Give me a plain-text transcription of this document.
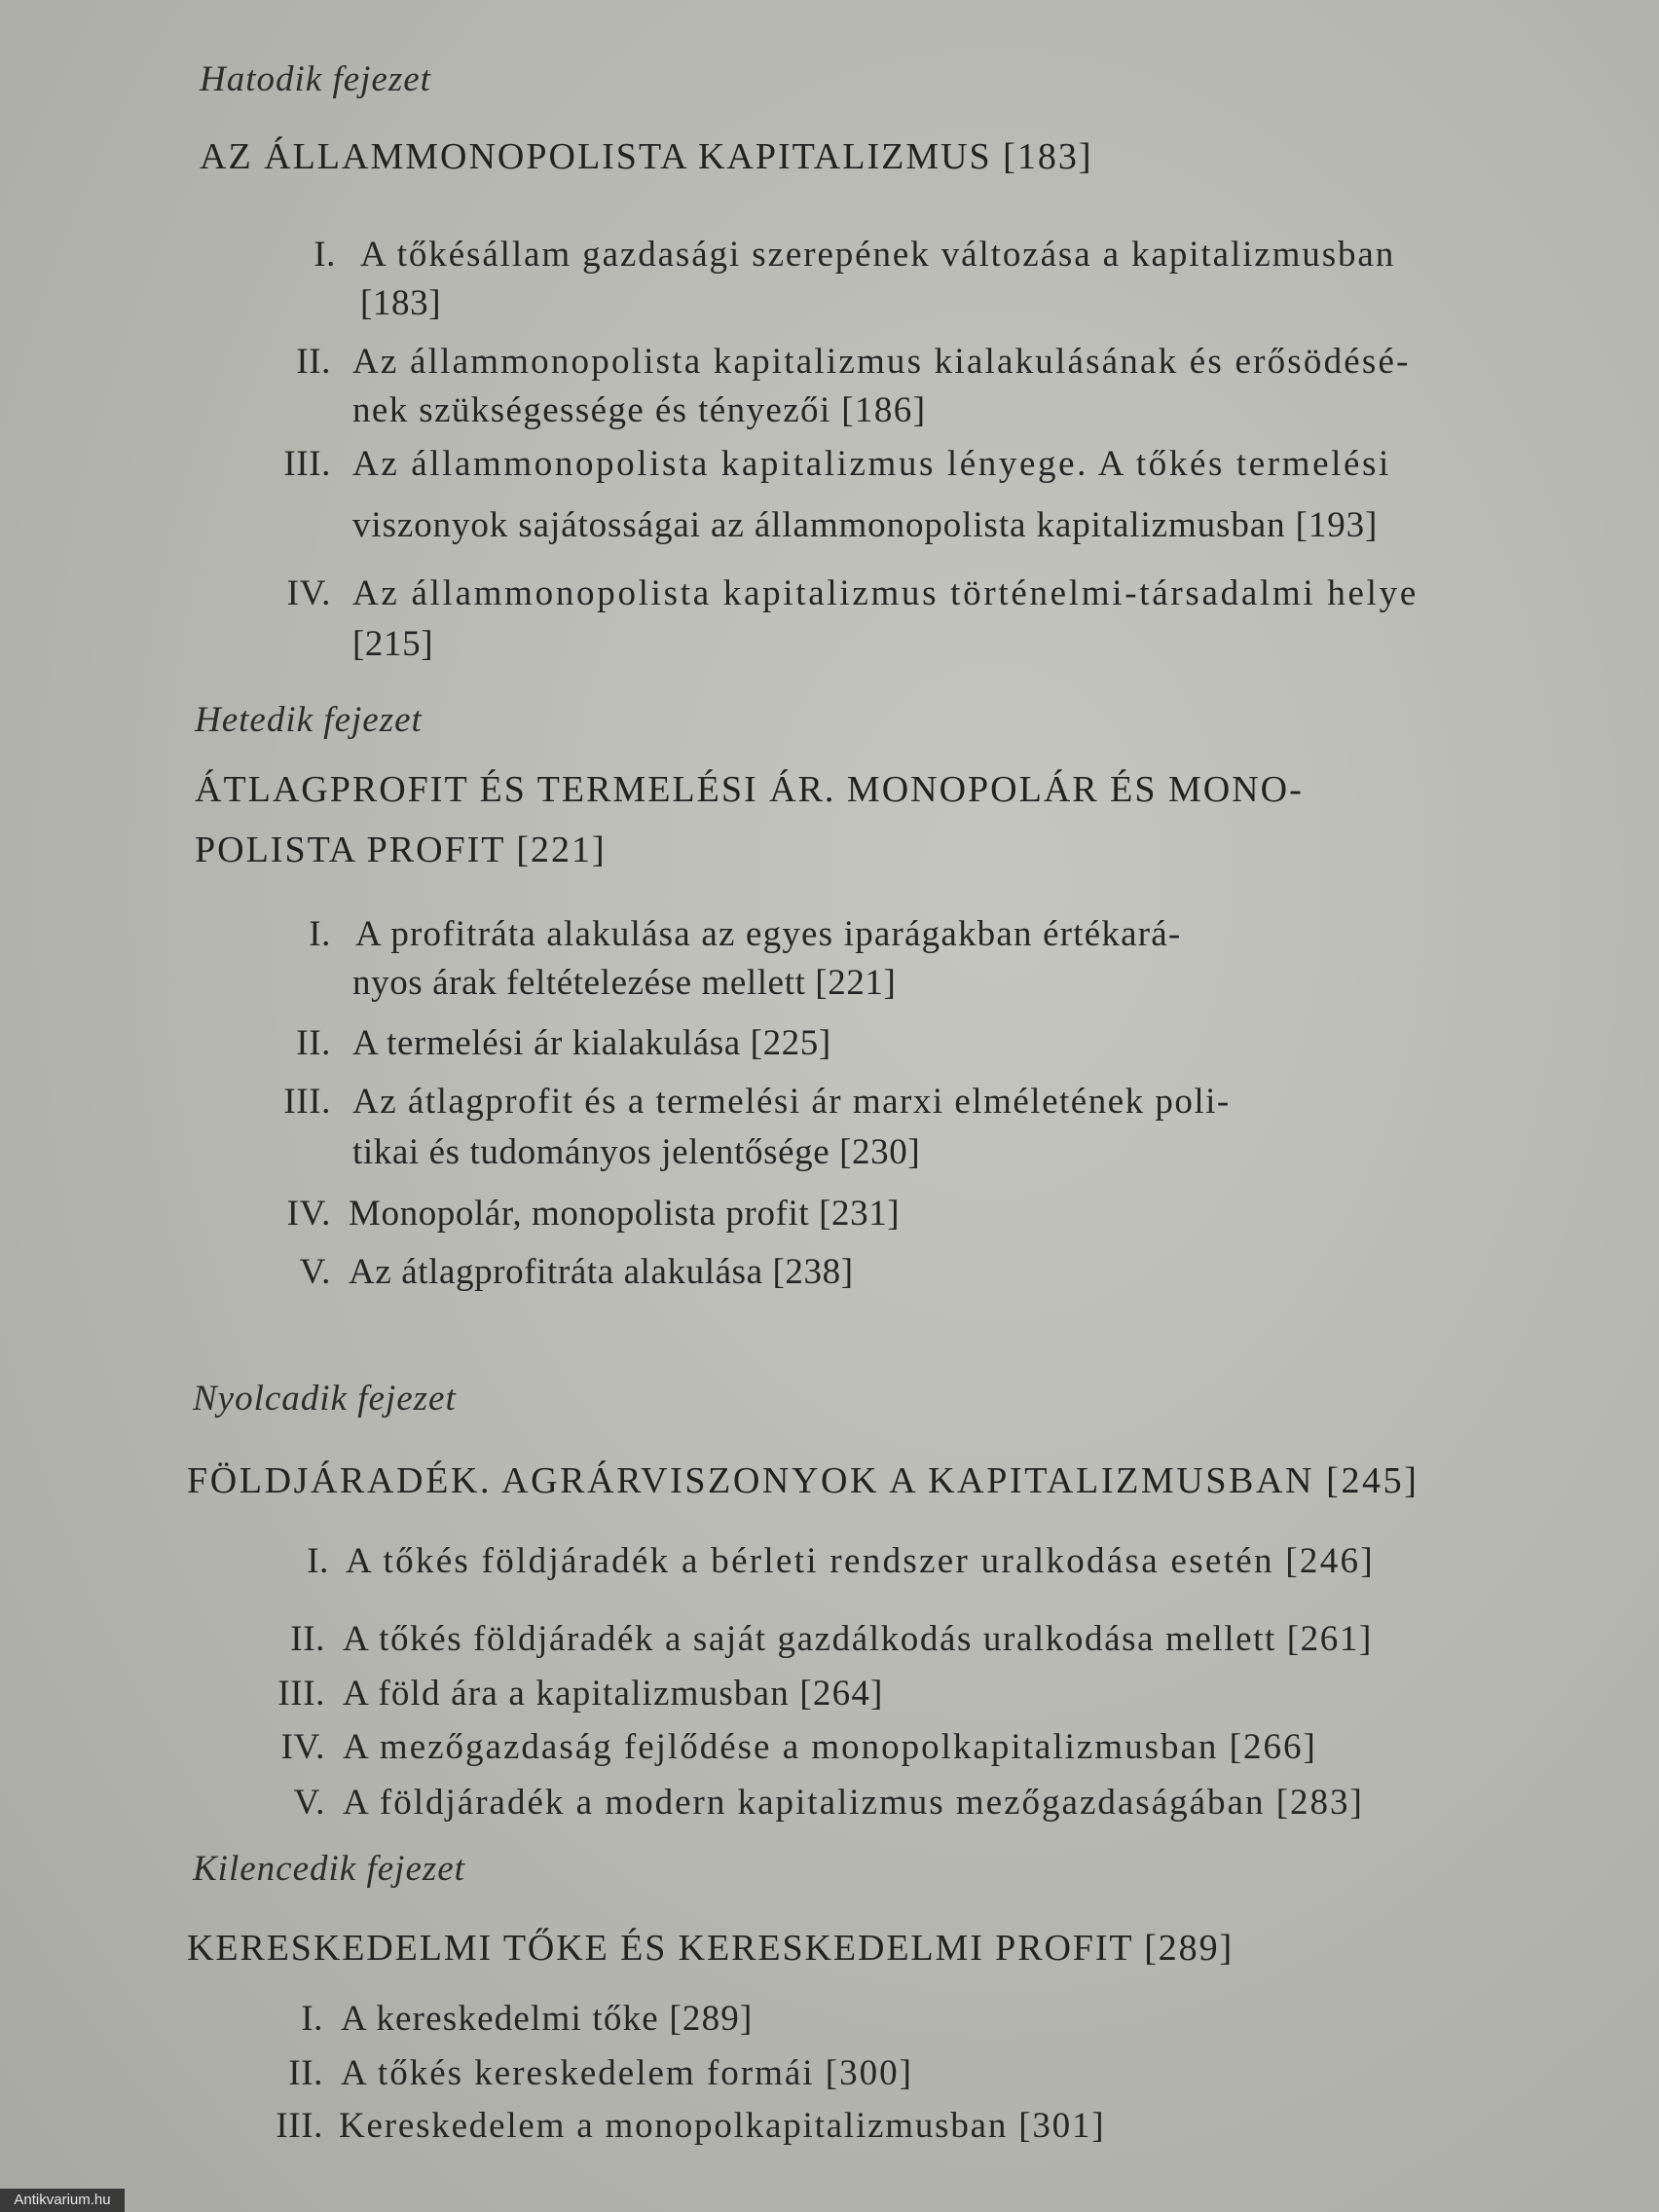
Hatodik fejezet
AZ ÁLLAMMONOPOLISTA KAPITALIZMUS [183]
I. A tőkésállam gazdasági szerepének változása a kapitalizmusban
[183]
II. Az állammonopolista kapitalizmus kialakulásának és erősödésé-
nek szükségessége és tényezői [186]
III. Az állammonopolista kapitalizmus lényege. A tőkés termelési
viszonyok sajátosságai az állammonopolista kapitalizmusban [193]
IV. Az állammonopolista kapitalizmus történelmi-társadalmi helye
[215]
Hetedik fejezet
ÁTLAGPROFIT ÉS TERMELÉSI ÁR. MONOPOLÁR ÉS MONO-
POLISTA PROFIT [221]
I. A profitráta alakulása az egyes iparágakban értékará-
nyos árak feltételezése mellett [221]
II. A termelési ár kialakulása [225]
III. Az átlagprofit és a termelési ár marxi elméletének poli-
tikai és tudományos jelentősége [230]
IV. Monopolár, monopolista profit [231]
V. Az átlagprofitráta alakulása [238]
Nyolcadik fejezet
FÖLDJÁRADÉK. AGRÁRVISZONYOK A KAPITALIZMUSBAN [245]
I. A tőkés földjáradék a bérleti rendszer uralkodása esetén [246]
II. A tőkés földjáradék a saját gazdálkodás uralkodása mellett [261]
III. A föld ára a kapitalizmusban [264]
IV. A mezőgazdaság fejlődése a monopolkapitalizmusban [266]
V. A földjáradék a modern kapitalizmus mezőgazdaságában [283]
Kilencedik fejezet
KERESKEDELMI TŐKE ÉS KERESKEDELMI PROFIT [289]
I. A kereskedelmi tőke [289]
II. A tőkés kereskedelem formái [300]
III. Kereskedelem a monopolkapitalizmusban [301]
Antikvarium.hu
